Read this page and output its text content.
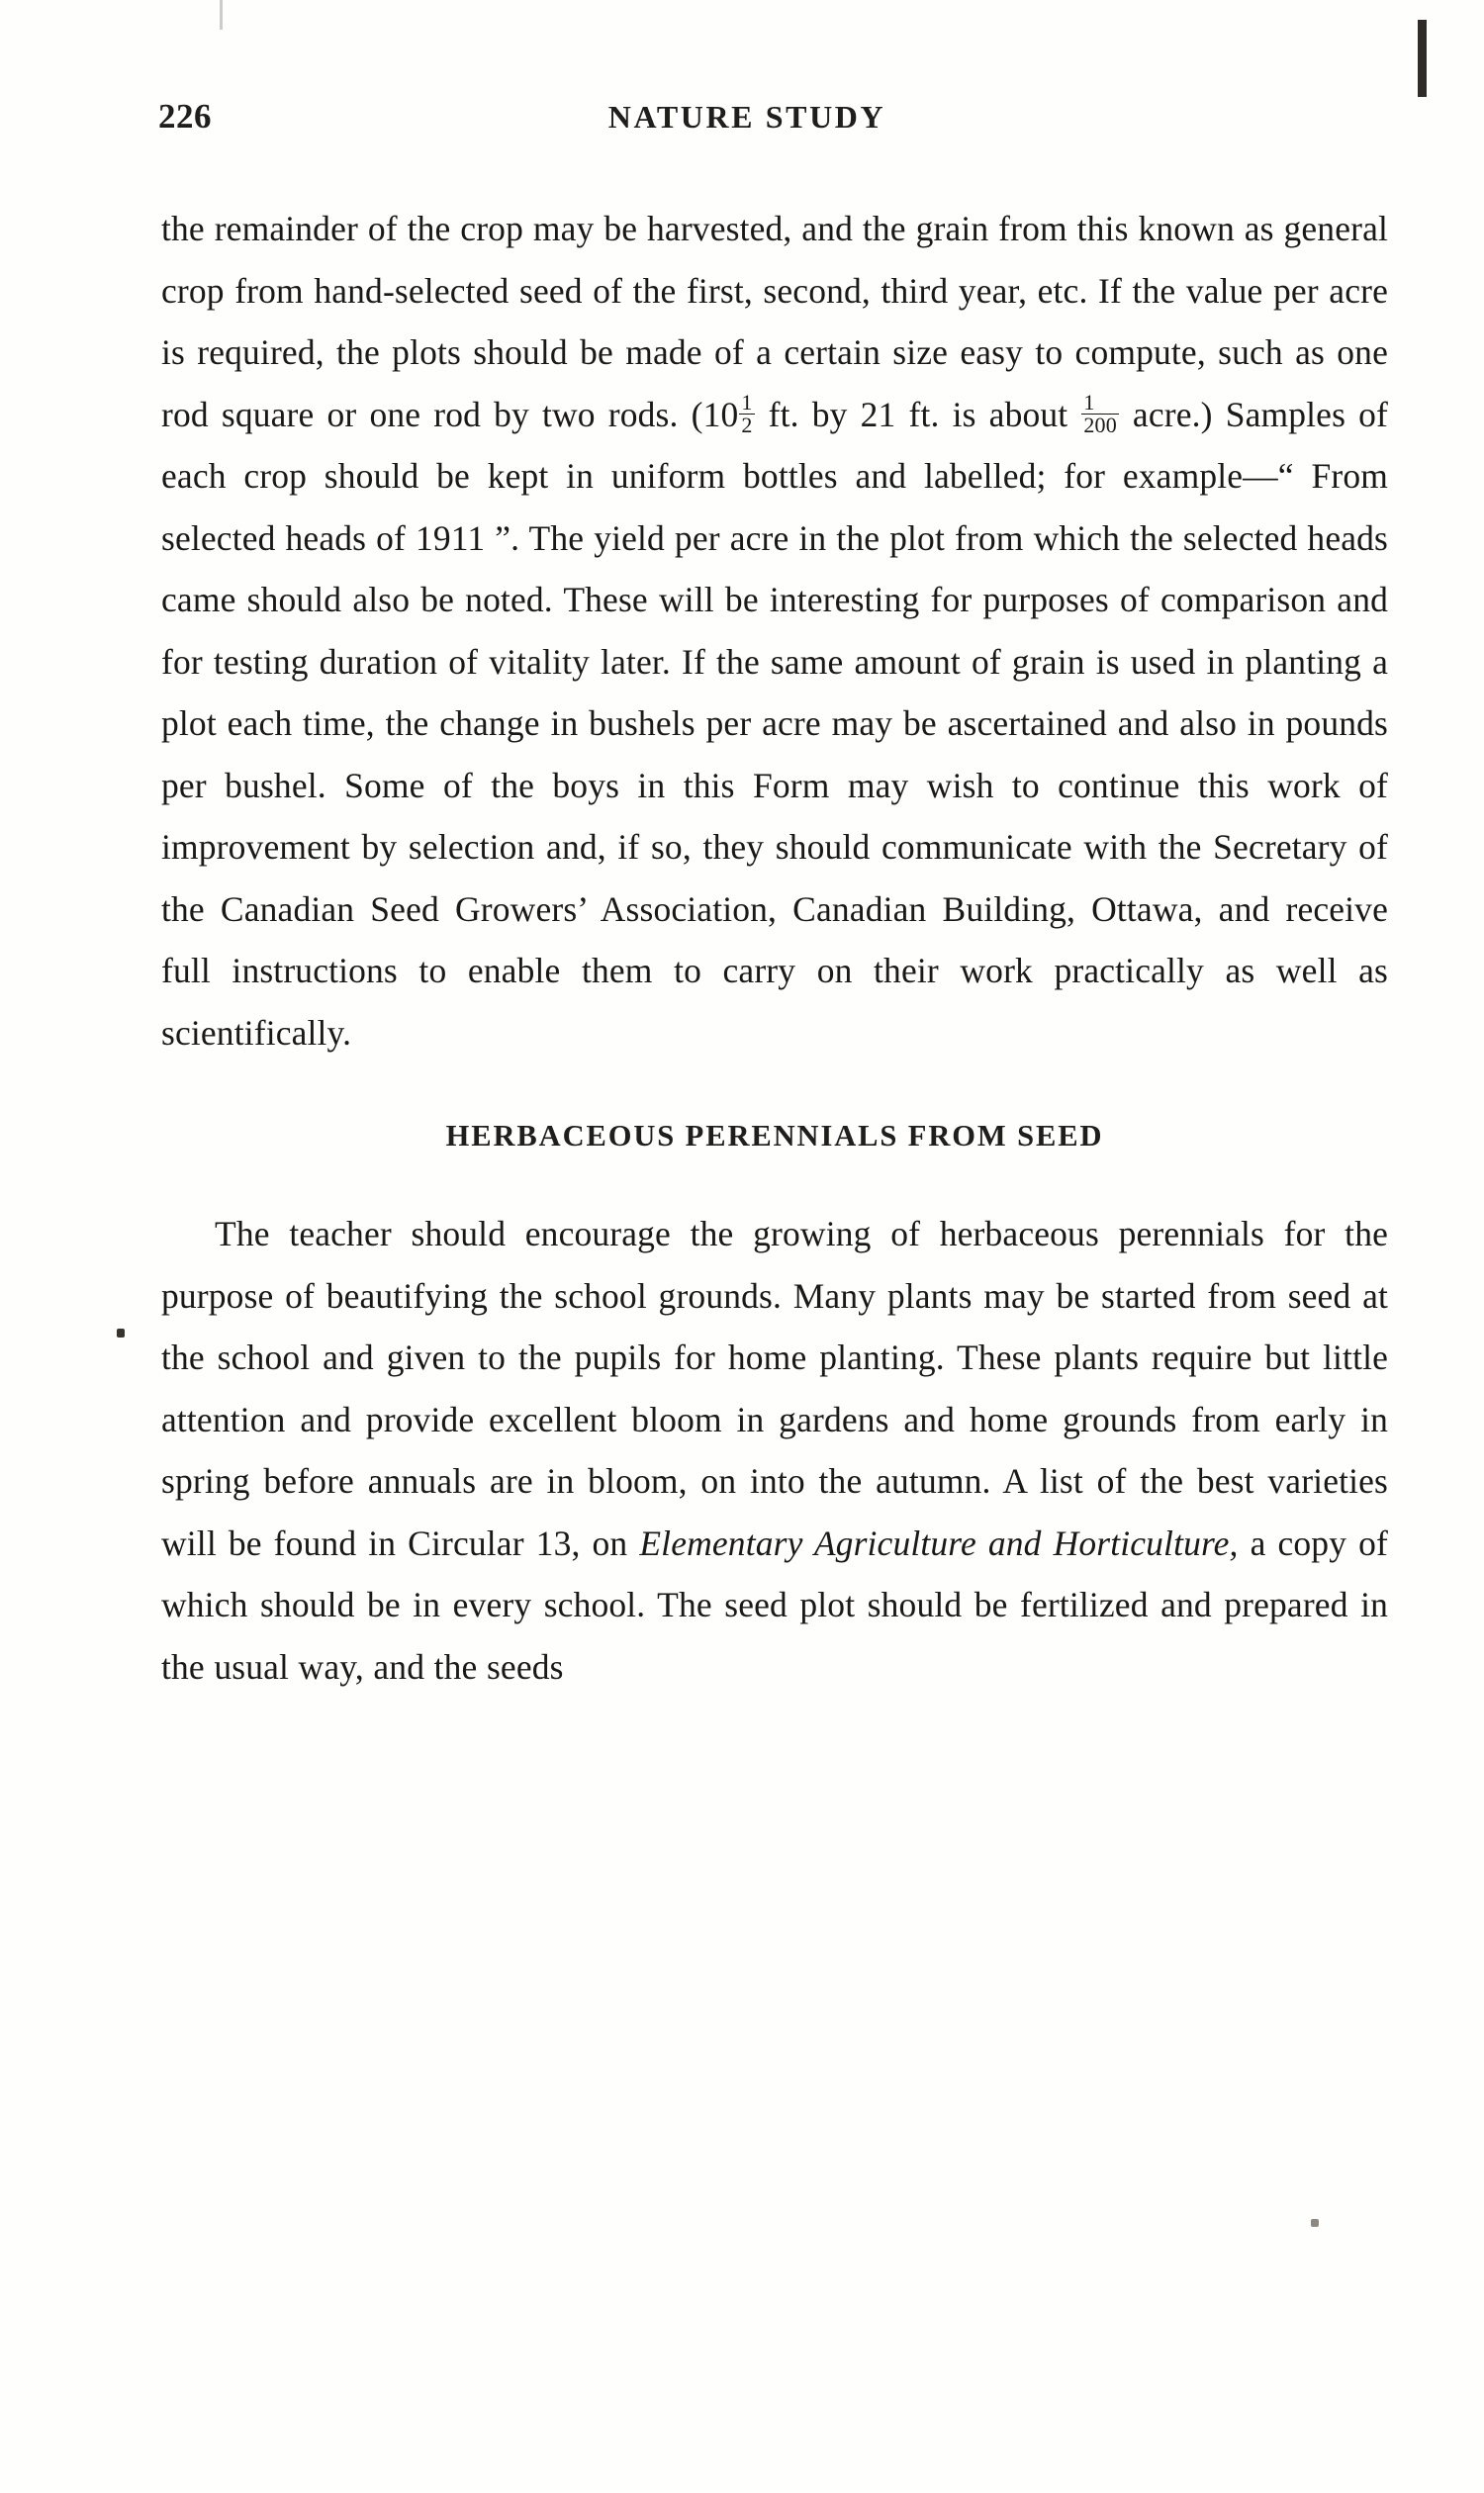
226	NATURE STUDY

the remainder of the crop may be harvested, and the grain from this known as general crop from hand-selected seed of the first, second, third year, etc. If the value per acre is required, the plots should be made of a certain size easy to compute, such as one rod square or one rod by two rods. ($10 \frac{1}{2}$ ft. by 21 ft. is about $\frac{1}{200}$ acre.) Samples of each crop should be kept in uniform bottles and labelled; for example—“ From selected heads of 1911 ”. The yield per acre in the plot from which the selected heads came should also be noted. These will be interesting for purposes of comparison and for testing duration of vitality later. If the same amount of grain is used in planting a plot each time, the change in bushels per acre may be ascertained and also in pounds per bushel. Some of the boys in this Form may wish to continue this work of improvement by selection and, if so, they should communicate with the Secretary of the Canadian Seed Growers’ Association, Canadian Building, Ottawa, and receive full instructions to enable them to carry on their work practically as well as scientifically.

HERBACEOUS PERENNIALS FROM SEED

The teacher should encourage the growing of herbaceous perennials for the purpose of beautifying the school grounds. Many plants may be started from seed at the school and given to the pupils for home planting. These plants require but little attention and provide excellent bloom in gardens and home grounds from early in spring before annuals are in bloom, on into the autumn. A list of the best varieties will be found in Circular 13, on Elementary Agriculture and Horticulture, a copy of which should be in every school. The seed plot should be fertilized and prepared in the usual way, and the seeds
